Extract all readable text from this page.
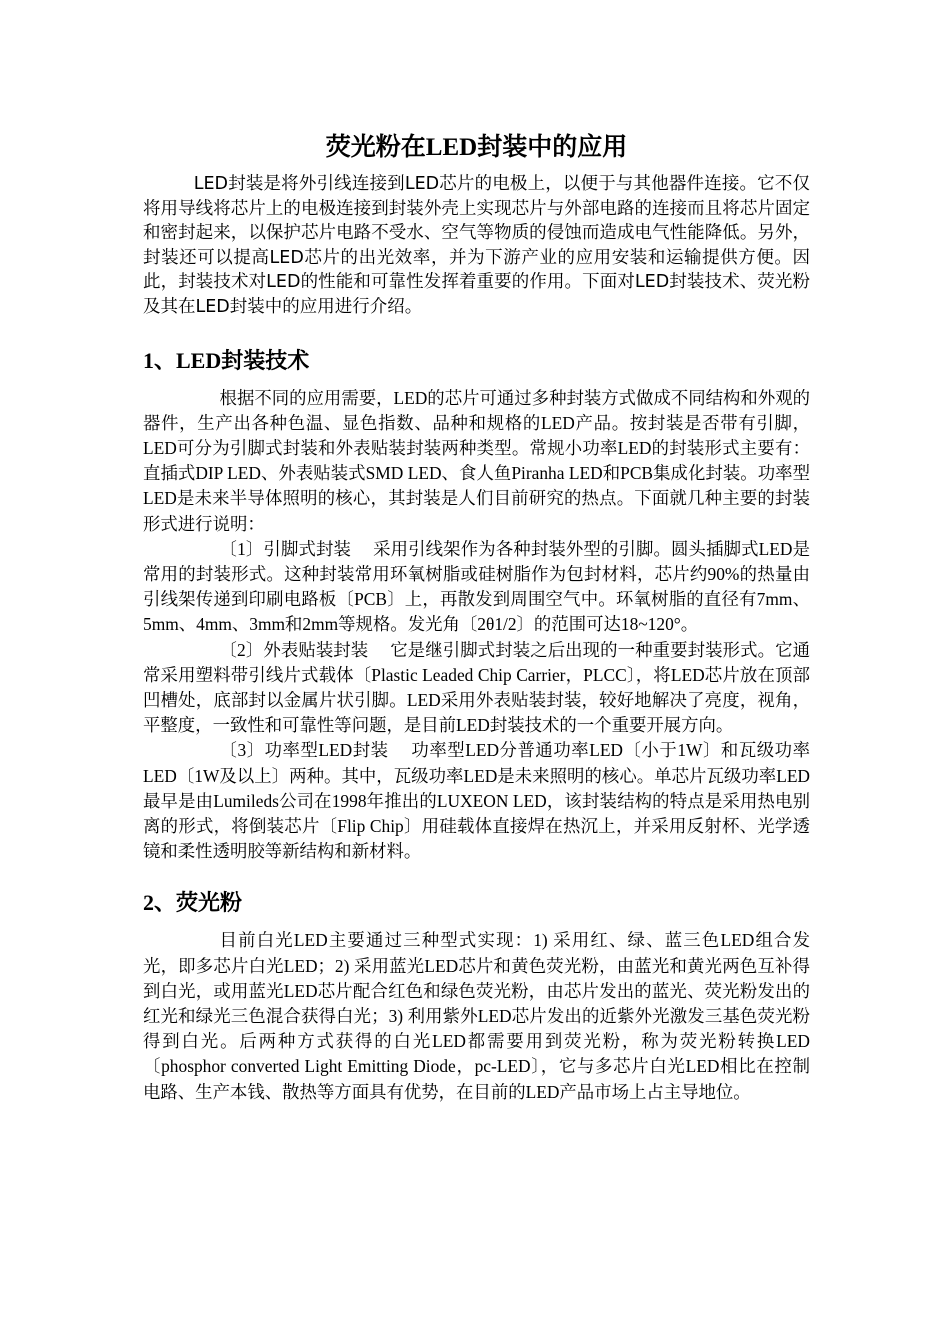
荧光粉在LED封装中的应用

LED封装是将外引线连接到LED芯片的电极上，以便于与其他器件连接。它不仅将用导线将芯片上的电极连接到封装外壳上实现芯片与外部电路的连接而且将芯片固定和密封起来，以保护芯片电路不受水、空气等物质的侵蚀而造成电气性能降低。另外，封装还可以提高LED芯片的出光效率，并为下游产业的应用安装和运输提供方便。因此，封装技术对LED的性能和可靠性发挥着重要的作用。下面对LED封装技术、荧光粉及其在LED封装中的应用进行介绍。

1、LED封装技术

根据不同的应用需要，LED的芯片可通过多种封装方式做成不同结构和外观的器件，生产出各种色温、显色指数、品种和规格的LED产品。按封装是否带有引脚，LED可分为引脚式封装和外表贴装封装两种类型。常规小功率LED的封装形式主要有：直插式DIP LED、外表贴装式SMD LED、食人鱼Piranha LED和PCB集成化封装。功率型LED是未来半导体照明的核心，其封装是人们目前研究的热点。下面就几种主要的封装形式进行说明：

〔1〕引脚式封装　 采用引线架作为各种封装外型的引脚。圆头插脚式LED是常用的封装形式。这种封装常用环氧树脂或硅树脂作为包封材料，芯片约90%的热量由引线架传递到印刷电路板〔PCB〕上，再散发到周围空气中。环氧树脂的直径有7mm、5mm、4mm、3mm和2mm等规格。发光角〔2θ1/2〕的范围可达18~120°。

〔2〕外表贴装封装　 它是继引脚式封装之后出现的一种重要封装形式。它通常采用塑料带引线片式载体〔Plastic Leaded Chip Carrier，PLCC〕，将LED芯片放在顶部凹槽处，底部封以金属片状引脚。LED采用外表贴装封装，较好地解决了亮度，视角，平整度，一致性和可靠性等问题，是目前LED封装技术的一个重要开展方向。

〔3〕功率型LED封装　 功率型LED分普通功率LED〔小于1W〕和瓦级功率LED〔1W及以上〕两种。其中，瓦级功率LED是未来照明的核心。单芯片瓦级功率LED最早是由Lumileds公司在1998年推出的LUXEON LED，该封装结构的特点是采用热电别离的形式，将倒装芯片〔Flip Chip〕用硅载体直接焊在热沉上，并采用反射杯、光学透镜和柔性透明胶等新结构和新材料。

2、荧光粉

目前白光LED主要通过三种型式实现：1) 采用红、绿、蓝三色LED组合发光，即多芯片白光LED；2) 采用蓝光LED芯片和黄色荧光粉，由蓝光和黄光两色互补得到白光，或用蓝光LED芯片配合红色和绿色荧光粉，由芯片发出的蓝光、荧光粉发出的红光和绿光三色混合获得白光；3) 利用紫外LED芯片发出的近紫外光激发三基色荧光粉得到白光。后两种方式获得的白光LED都需要用到荧光粉，称为荧光粉转换LED〔phosphor converted Light Emitting Diode，pc-LED〕，它与多芯片白光LED相比在控制电路、生产本钱、散热等方面具有优势，在目前的LED产品市场上占主导地位。
